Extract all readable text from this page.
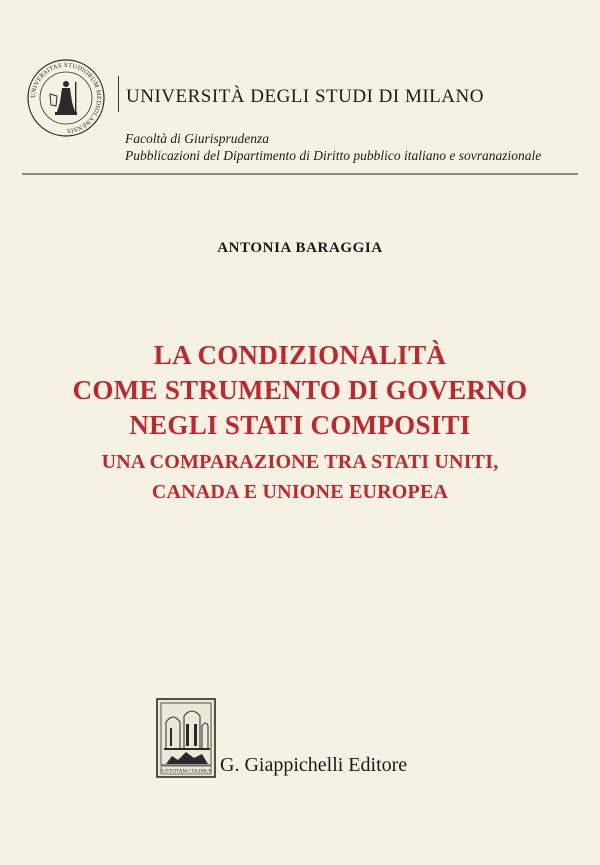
UNIVERSITAS STUDIORUM MEDIOLANENSIS
UNIVERSITÀ DEGLI STUDI DI MILANO
Facoltà di Giurisprudenza
Pubblicazioni del Dipartimento di Diritto pubblico italiano e sovranazionale
ANTONIA BARAGGIA
LA CONDIZIONALITÀ
COME STRUMENTO DI GOVERNO
NEGLI STATI COMPOSITI
UNA COMPARAZIONE TRA STATI UNITI,
CANADA E UNIONE EUROPEA
IUSTITIAM COLIMUS G. Giappichelli Editore
